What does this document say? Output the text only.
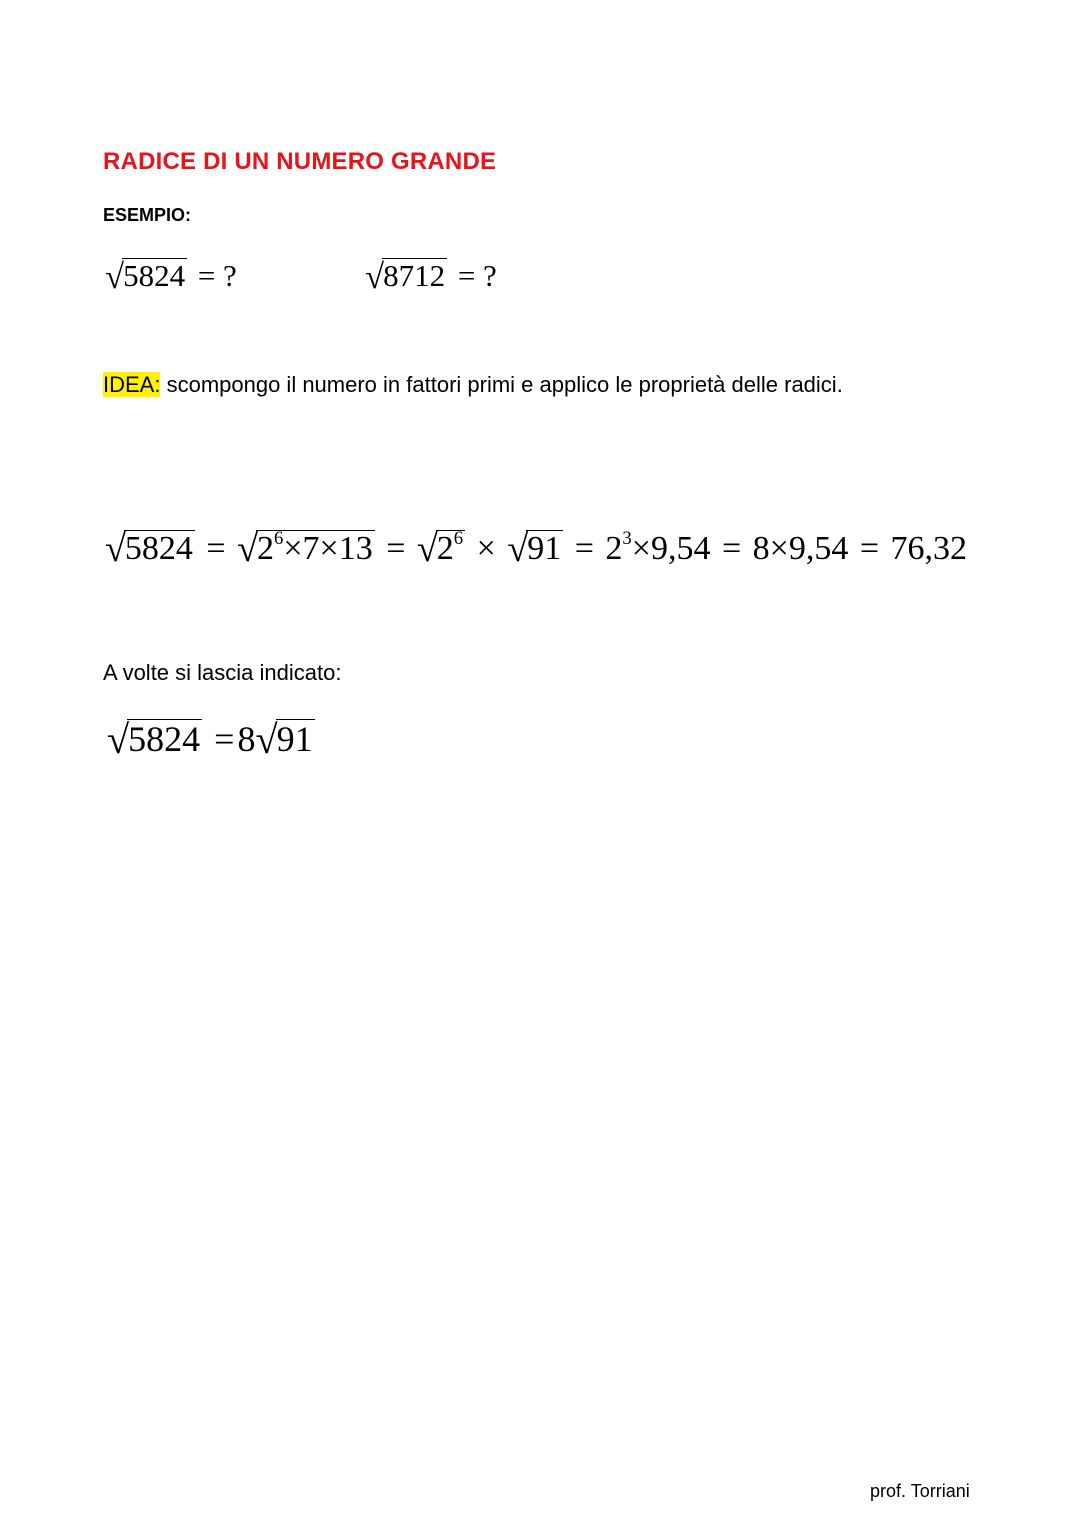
RADICE DI UN NUMERO GRANDE
ESEMPIO:
√5824 = ?	√8712 = ?
IDEA: scompongo il numero in fattori primi e applico le proprietà delle radici.
$√5824 = √2^6\times 7\times 13 = √2^6 \times √91 = 2^3\times 9,54 = 8\times 9,54 = 76,32$
A volte si lascia indicato:
√5824 =8√91
prof. Torriani
